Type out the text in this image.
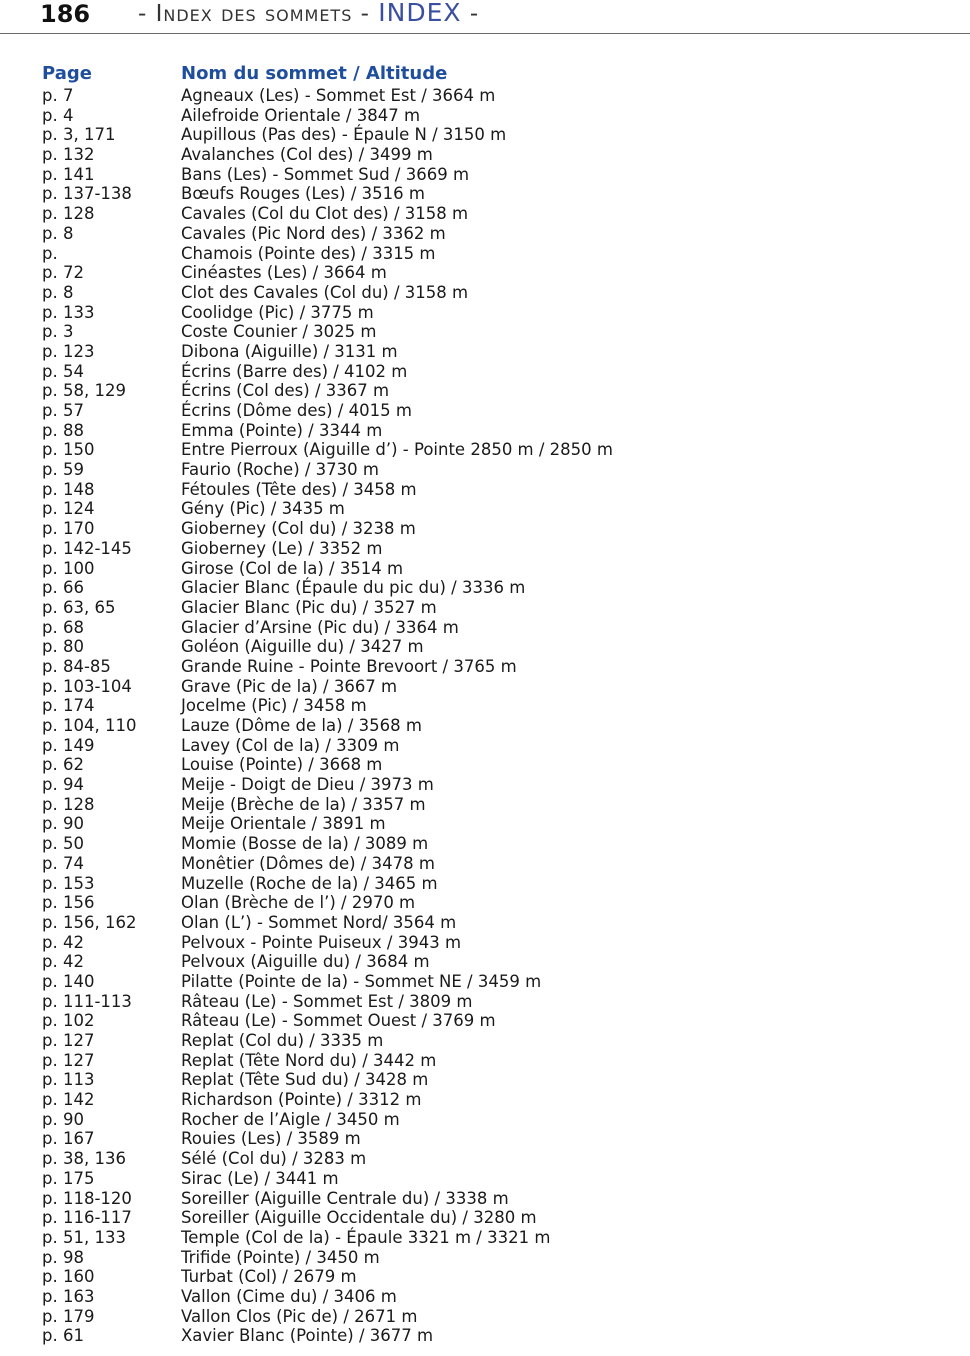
186 - Index des sommets - INDEX -
Page	Nom du sommet / Altitude
p. 7	Agneaux (Les) - Sommet Est / 3664 m
p. 4	Ailefroide Orientale / 3847 m
p. 3, 171	Aupillous (Pas des) - Épaule N / 3150 m
p. 132	Avalanches (Col des) / 3499 m
p. 141	Bans (Les) - Sommet Sud / 3669 m
p. 137-138	Bœufs Rouges (Les) / 3516 m
p. 128	Cavales (Col du Clot des) / 3158 m
p. 8	Cavales (Pic Nord des) / 3362 m
p.	Chamois (Pointe des) / 3315 m
p. 72	Cinéastes (Les) / 3664 m
p. 8	Clot des Cavales (Col du) / 3158 m
p. 133	Coolidge (Pic) / 3775 m
p. 3	Coste Counier / 3025 m
p. 123	Dibona (Aiguille) / 3131 m
p. 54	Écrins (Barre des) / 4102 m
p. 58, 129	Écrins (Col des) / 3367 m
p. 57	Écrins (Dôme des) / 4015 m
p. 88	Emma (Pointe) / 3344 m
p. 150	Entre Pierroux (Aiguille d’) - Pointe 2850 m / 2850 m
p. 59	Faurio (Roche) / 3730 m
p. 148	Fétoules (Tête des) / 3458 m
p. 124	Gény (Pic) / 3435 m
p. 170	Gioberney (Col du) / 3238 m
p. 142-145	Gioberney (Le) / 3352 m
p. 100	Girose (Col de la) / 3514 m
p. 66	Glacier Blanc (Épaule du pic du) / 3336 m
p. 63, 65	Glacier Blanc (Pic du) / 3527 m
p. 68	Glacier d’Arsine (Pic du) / 3364 m
p. 80	Goléon (Aiguille du) / 3427 m
p. 84-85	Grande Ruine - Pointe Brevoort / 3765 m
p. 103-104	Grave (Pic de la) / 3667 m
p. 174	Jocelme (Pic) / 3458 m
p. 104, 110	Lauze (Dôme de la) / 3568 m
p. 149	Lavey (Col de la) / 3309 m
p. 62	Louise (Pointe) / 3668 m
p. 94	Meije - Doigt de Dieu / 3973 m
p. 128	Meije (Brèche de la) / 3357 m
p. 90	Meije Orientale / 3891 m
p. 50	Momie (Bosse de la) / 3089 m
p. 74	Monêtier (Dômes de) / 3478 m
p. 153	Muzelle (Roche de la) / 3465 m
p. 156	Olan (Brèche de l’) / 2970 m
p. 156, 162	Olan (L’) - Sommet Nord/ 3564 m
p. 42	Pelvoux - Pointe Puiseux / 3943 m
p. 42	Pelvoux (Aiguille du) / 3684 m
p. 140	Pilatte (Pointe de la) - Sommet NE / 3459 m
p. 111-113	Râteau (Le) - Sommet Est / 3809 m
p. 102	Râteau (Le) - Sommet Ouest / 3769 m
p. 127	Replat (Col du) / 3335 m
p. 127	Replat (Tête Nord du) / 3442 m
p. 113	Replat (Tête Sud du) / 3428 m
p. 142	Richardson (Pointe) / 3312 m
p. 90	Rocher de l’Aigle / 3450 m
p. 167	Rouies (Les) / 3589 m
p. 38, 136	Sélé (Col du) / 3283 m
p. 175	Sirac (Le) / 3441 m
p. 118-120	Soreiller (Aiguille Centrale du) / 3338 m
p. 116-117	Soreiller (Aiguille Occidentale du) / 3280 m
p. 51, 133	Temple (Col de la) - Épaule 3321 m / 3321 m
p. 98	Trifide (Pointe) / 3450 m
p. 160	Turbat (Col) / 2679 m
p. 163	Vallon (Cime du) / 3406 m
p. 179	Vallon Clos (Pic de) / 2671 m
p. 61	Xavier Blanc (Pointe) / 3677 m
